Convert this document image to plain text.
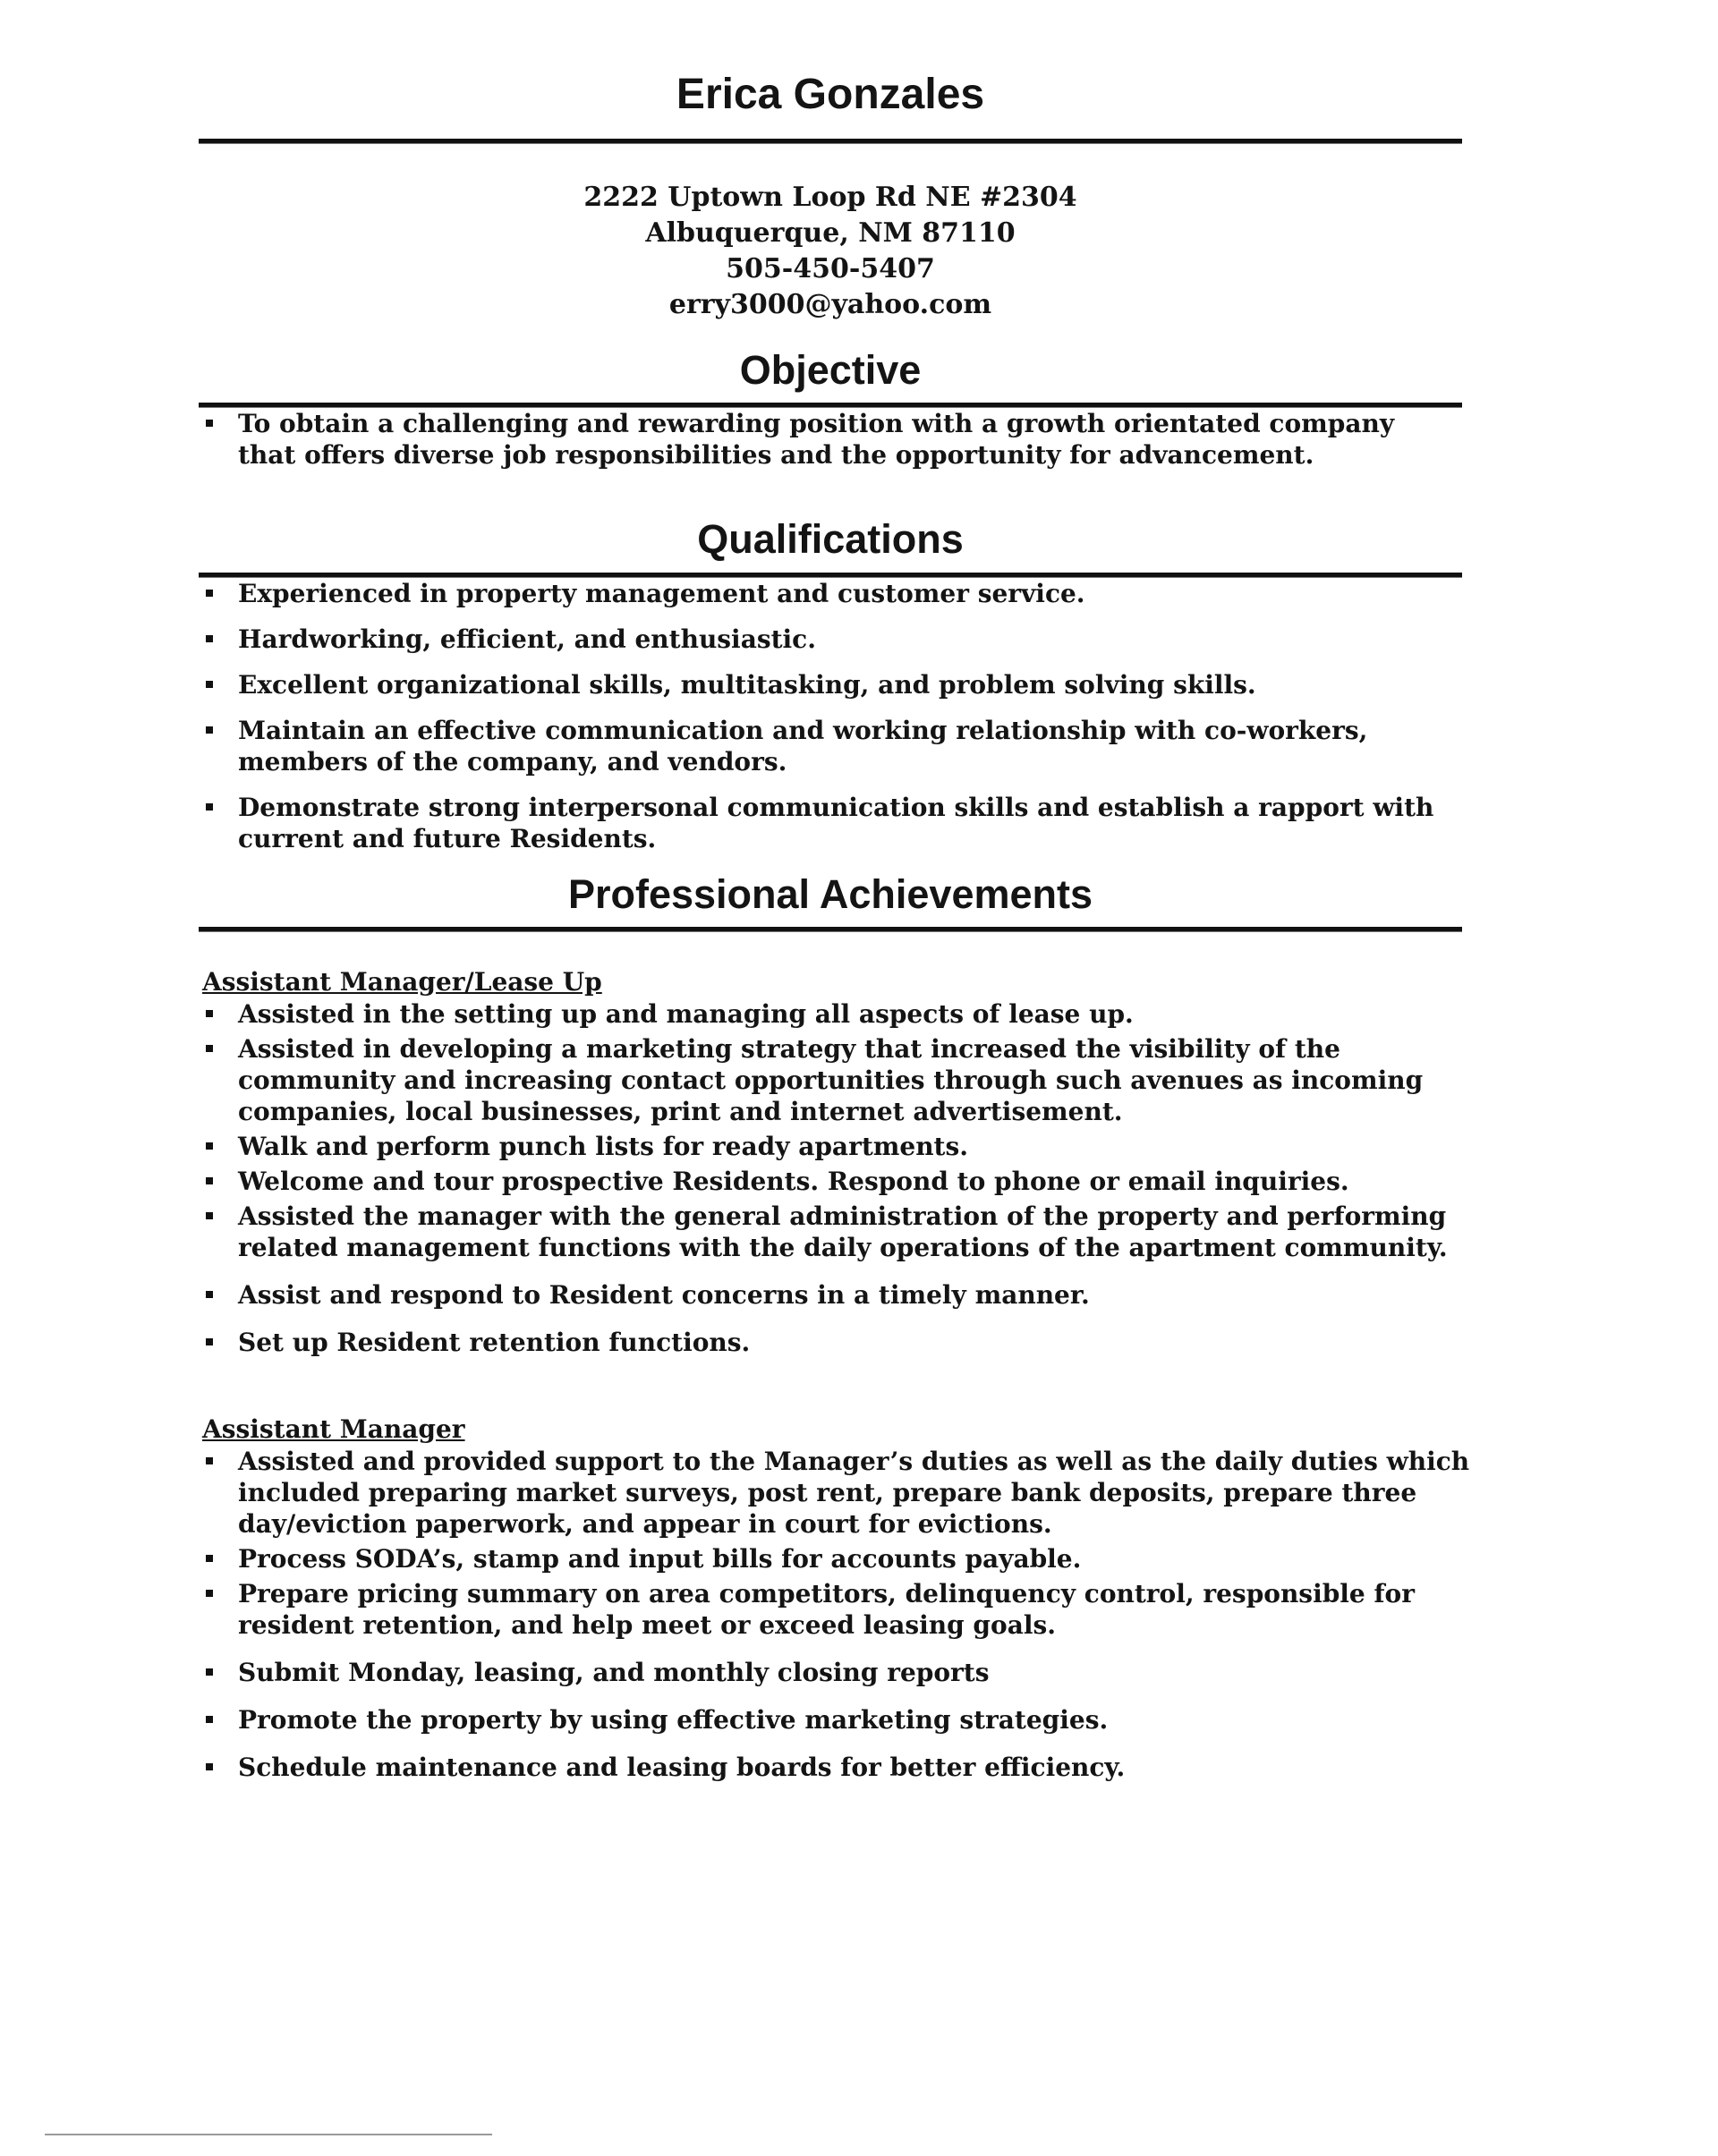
Erica Gonzales
2222 Uptown Loop Rd NE #2304
Albuquerque, NM 87110
505-450-5407
erry3000@yahoo.com
Objective
To obtain a challenging and rewarding position with a growth orientated company that offers diverse job responsibilities and the opportunity for advancement.
Qualifications
Experienced in property management and customer service.
Hardworking, efficient, and enthusiastic.
Excellent organizational skills, multitasking, and problem solving skills.
Maintain an effective communication and working relationship with co-workers, members of the company, and vendors.
Demonstrate strong interpersonal communication skills and establish a rapport with current and future Residents.
Professional Achievements
Assistant Manager/Lease Up
Assisted in the setting up and managing all aspects of lease up.
Assisted in developing a marketing strategy that increased the visibility of the community and increasing contact opportunities through such avenues as incoming companies, local businesses, print and internet advertisement.
Walk and perform punch lists for ready apartments.
Welcome and tour prospective Residents. Respond to phone or email inquiries.
Assisted the manager with the general administration of the property and performing related management functions with the daily operations of the apartment community.
Assist and respond to Resident concerns in a timely manner.
Set up Resident retention functions.
Assistant Manager
Assisted and provided support to the Manager’s duties as well as the daily duties which included preparing market surveys, post rent, prepare bank deposits, prepare three day/eviction paperwork, and appear in court for evictions.
Process SODA’s, stamp and input bills for accounts payable.
Prepare pricing summary on area competitors, delinquency control, responsible for resident retention, and help meet or exceed leasing goals.
Submit Monday, leasing, and monthly closing reports
Promote the property by using effective marketing strategies.
Schedule maintenance and leasing boards for better efficiency.
